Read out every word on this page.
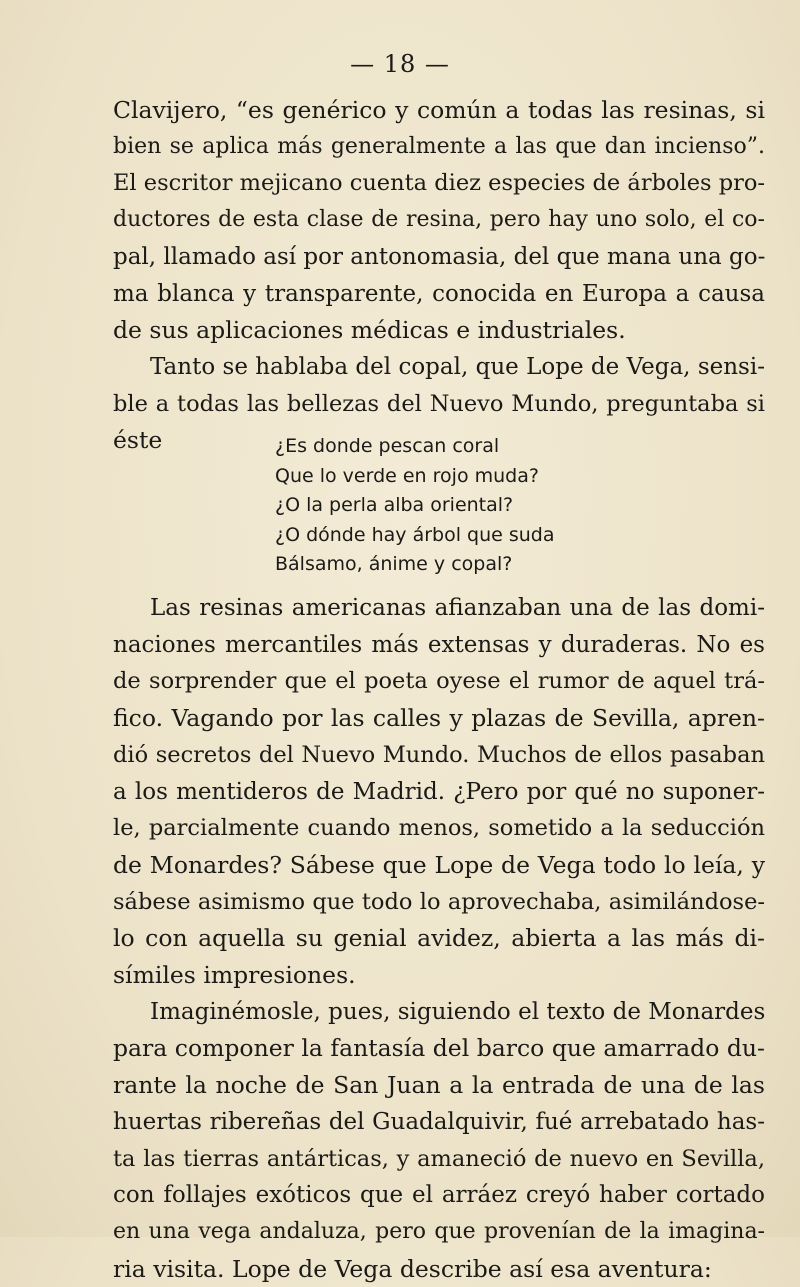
— 18 —
Clavijero, “es genérico y común a todas las resinas, si
bien se aplica más generalmente a las que dan incienso”.
El escritor mejicano cuenta diez especies de árboles pro-
ductores de esta clase de resina, pero hay uno solo, el co-
pal, llamado así por antonomasia, del que mana una go-
ma blanca y transparente, conocida en Europa a causa
de sus aplicaciones médicas e industriales.
Tanto se hablaba del copal, que Lope de Vega, sensi-
ble a todas las bellezas del Nuevo Mundo, preguntaba si
éste	¿Es donde pescan coral
Que lo verde en rojo muda?
¿O la perla alba oriental?
¿O dónde hay árbol que suda
Bálsamo, ánime y copal?
Las resinas americanas afianzaban una de las domi-
naciones mercantiles más extensas y duraderas. No es
de sorprender que el poeta oyese el rumor de aquel trá-
fico. Vagando por las calles y plazas de Sevilla, apren-
dió secretos del Nuevo Mundo. Muchos de ellos pasaban
a los mentideros de Madrid. ¿Pero por qué no suponer-
le, parcialmente cuando menos, sometido a la seducción
de Monardes? Sábese que Lope de Vega todo lo leía, y
sábese asimismo que todo lo aprovechaba, asimilándose-
lo con aquella su genial avidez, abierta a las más di-
símiles impresiones.
Imaginémosle, pues, siguiendo el texto de Monardes
para componer la fantasía del barco que amarrado du-
rante la noche de San Juan a la entrada de una de las
huertas ribereñas del Guadalquivir, fué arrebatado has-
ta las tierras antárticas, y amaneció de nuevo en Sevilla,
con follajes exóticos que el arráez creyó haber cortado
en una vega andaluza, pero que provenían de la imagina-
ria visita. Lope de Vega describe así esa aventura:
